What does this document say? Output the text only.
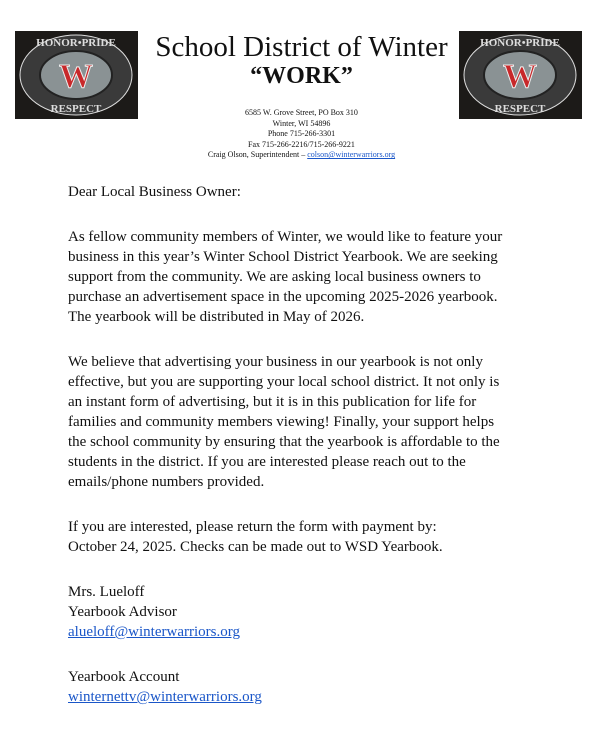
W
HONOR•PRIDE
RESPECT
W
HONOR•PRIDE
RESPECT
School District of Winter
“WORK”
6585 W. Grove Street, PO Box 310
Winter, WI 54896
Phone 715-266-3301
Fax 715-266-2216/715-266-9221
Craig Olson, Superintendent – colson@winterwarriors.org

Dear Local Business Owner:

As fellow community members of Winter, we would like to feature your
business in this year’s Winter School District Yearbook. We are seeking
support from the community. We are asking local business owners to
purchase an advertisement space in the upcoming 2025-2026 yearbook.
The yearbook will be distributed in May of 2026.

We believe that advertising your business in our yearbook is not only
effective, but you are supporting your local school district. It not only is
an instant form of advertising, but it is in this publication for life for
families and community members viewing! Finally, your support helps
the school community by ensuring that the yearbook is affordable to the
students in the district. If you are interested please reach out to the
emails/phone numbers provided.

If you are interested, please return the form with payment by:
October 24, 2025. Checks can be made out to WSD Yearbook.

Mrs. Lueloff
Yearbook Advisor
alueloff@winterwarriors.org

Yearbook Account
winternettv@winterwarriors.org
